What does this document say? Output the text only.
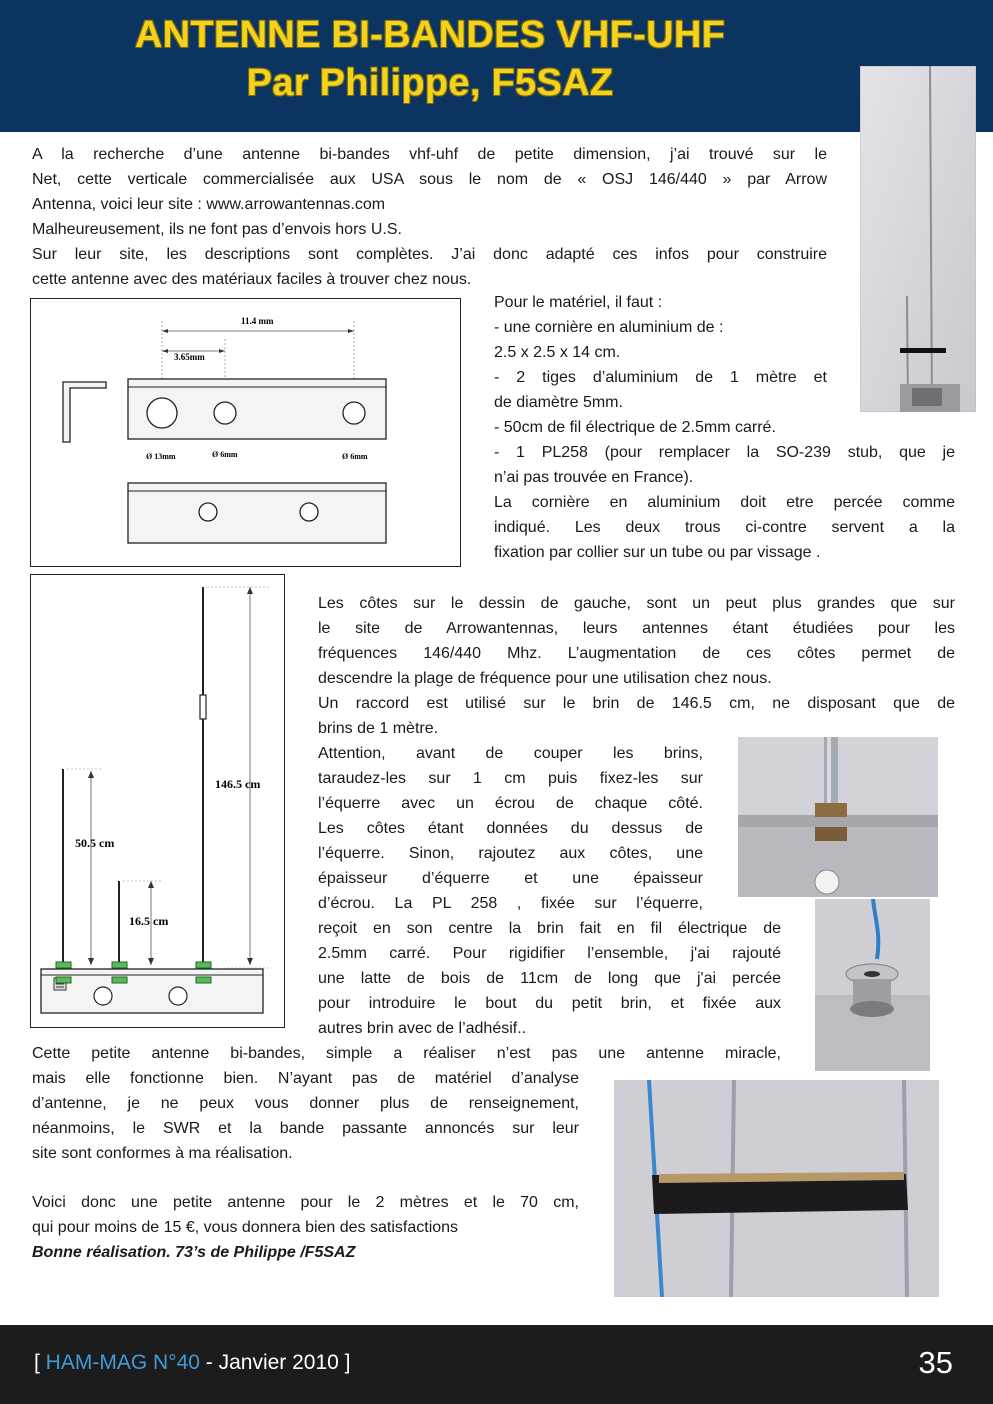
ANTENNE BI-BANDES VHF-UHF
Par Philippe, F5SAZ
A la recherche d’une antenne bi-bandes vhf-uhf de petite dimension, j’ai trouvé sur le
Net, cette verticale commercialisée aux USA sous le nom de « OSJ 146/440 » par Arrow
Antenna, voici leur site : www.arrowantennas.com
Malheureusement, ils ne font pas d’envois hors U.S.
Sur leur site, les descriptions sont complètes. J’ai donc adapté ces infos pour construire
cette antenne avec des matériaux faciles à trouver chez nous.
11.4 mm
3.65mm
Ø 13mm	Ø 6mm	Ø 6mm
Pour le matériel, il faut :
- une cornière en aluminium de :
2.5 x 2.5 x 14 cm.
- 2 tiges d’aluminium de 1 mètre et
de diamètre 5mm.
- 50cm de fil électrique de 2.5mm carré.
- 1 PL258 (pour remplacer la SO-239 stub, que je
n’ai pas trouvée en France).
La cornière en aluminium doit etre percée comme
indiqué. Les deux trous ci-contre servent a la
fixation par collier sur un tube ou par vissage .
146.5 cm
50.5 cm
16.5 cm
Les côtes sur le dessin de gauche, sont un peut plus grandes que sur
le site de Arrowantennas, leurs antennes étant étudiées pour les
fréquences 146/440 Mhz. L’augmentation de ces côtes permet de
descendre la plage de fréquence pour une utilisation chez nous.
Un raccord est utilisé sur le brin de 146.5 cm, ne disposant que de
brins de 1 mètre.
Attention, avant de couper les brins,
taraudez-les sur 1 cm puis fixez-les sur
l’équerre avec un écrou de chaque côté.
Les côtes étant données du dessus de
l’équerre. Sinon, rajoutez aux côtes, une
épaisseur d’équerre et une épaisseur
d’écrou. La PL 258 , fixée sur l’équerre,
reçoit en son centre la brin fait en fil électrique de
2.5mm carré. Pour rigidifier l’ensemble, j'ai rajouté
une latte de bois de 11cm de long que j'ai percée
pour introduire le bout du petit brin, et fixée aux
autres brin avec de l’adhésif..
Cette petite antenne bi-bandes, simple a réaliser n’est pas une antenne miracle,
mais elle fonctionne bien. N’ayant pas de matériel d’analyse
d’antenne, je ne peux vous donner plus de renseignement,
néanmoins, le SWR et la bande passante annoncés sur leur
site sont conformes à ma réalisation.
Voici donc une petite antenne pour le 2 mètres et le 70 cm,
qui pour moins de 15 €, vous donnera bien des satisfactions
Bonne réalisation. 73’s de Philippe /F5SAZ
[ HAM-MAG N°40 - Janvier 2010 ]	35
